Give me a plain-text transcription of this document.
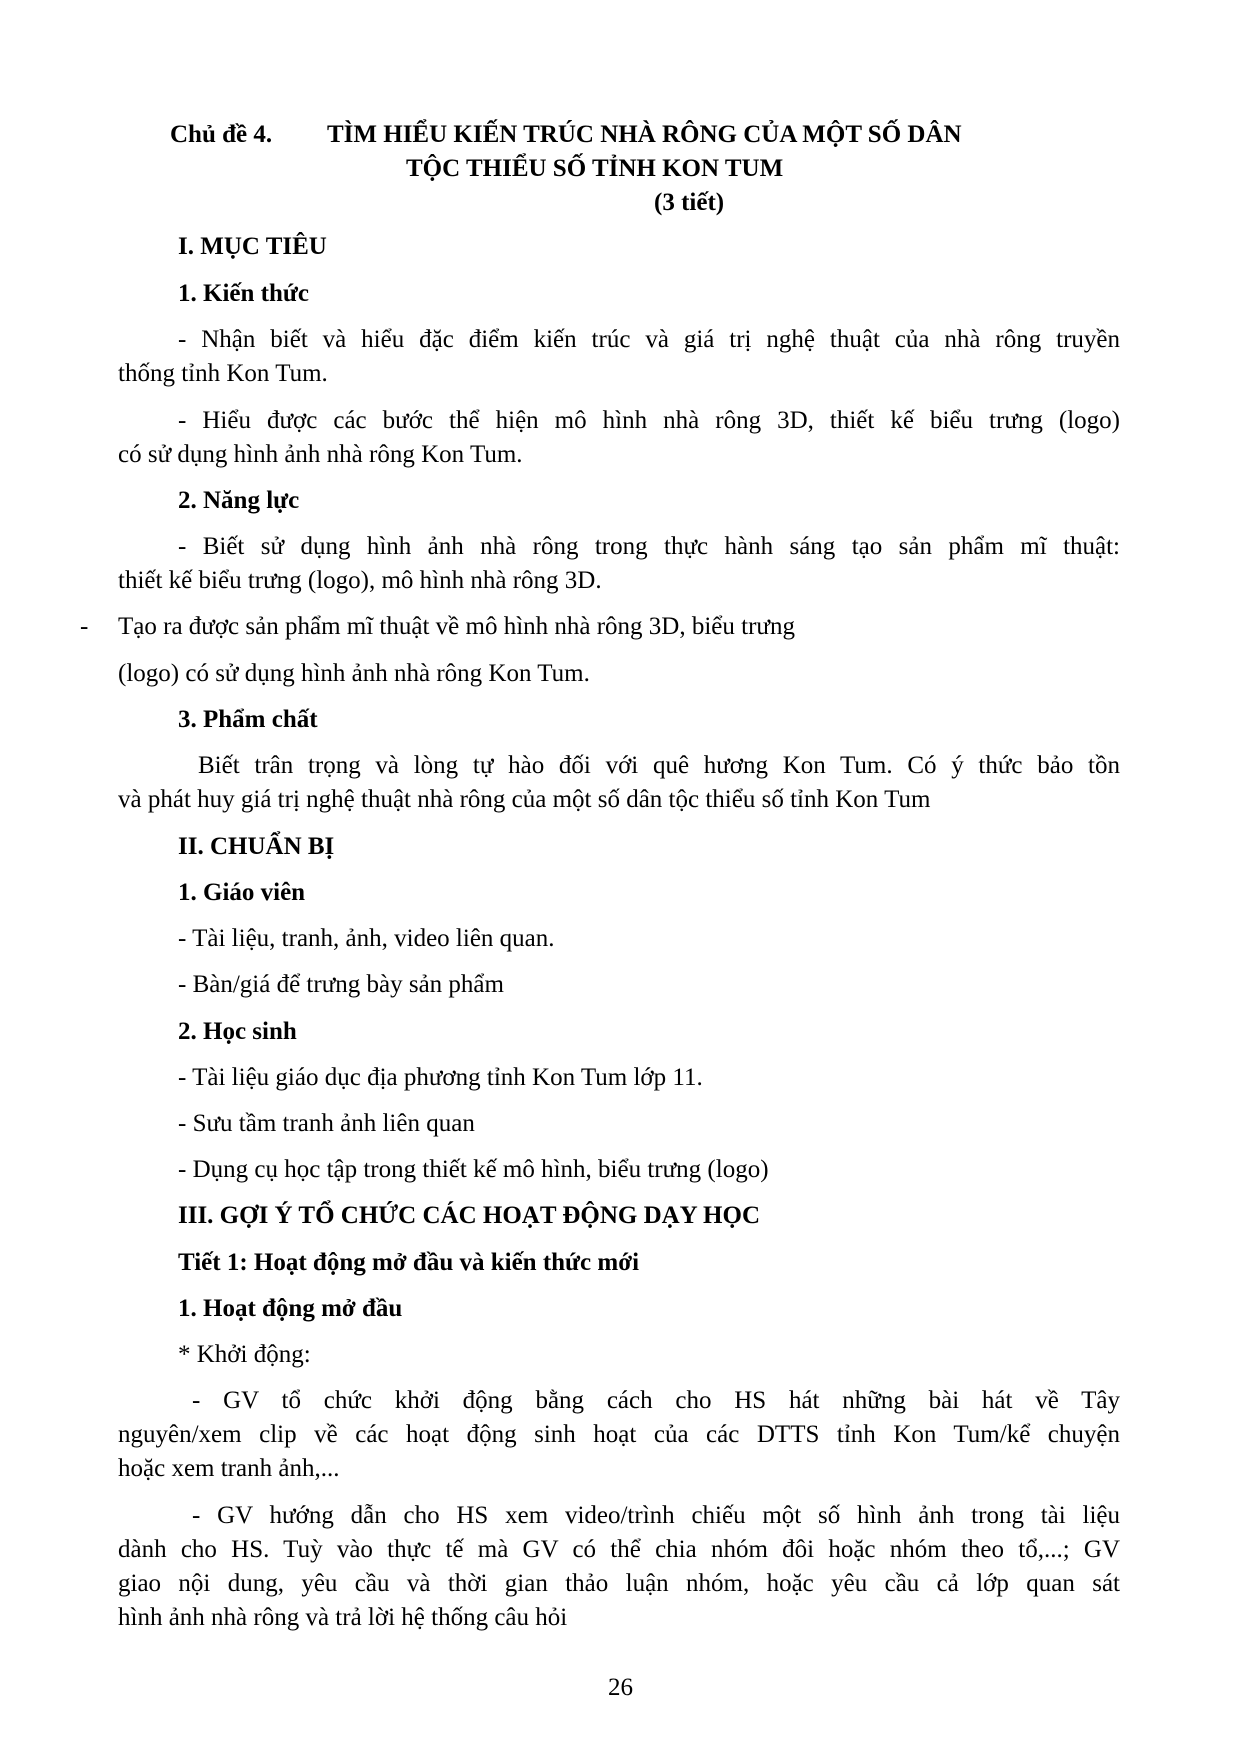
Chủ đề 4. TÌM HIỂU KIẾN TRÚC NHÀ RÔNG CỦA MỘT SỐ DÂN
TỘC THIỂU SỐ TỈNH KON TUM
(3 tiết)
I. MỤC TIÊU
1. Kiến thức
- Nhận biết và hiểu đặc điểm kiến trúc và giá trị nghệ thuật của nhà rông truyền
thống tỉnh Kon Tum.
- Hiểu được các bước thể hiện mô hình nhà rông 3D, thiết kế biểu trưng (logo)
có sử dụng hình ảnh nhà rông Kon Tum.
2. Năng lực
- Biết sử dụng hình ảnh nhà rông trong thực hành sáng tạo sản phẩm mĩ thuật:
thiết kế biểu trưng (logo), mô hình nhà rông 3D.
- Tạo ra được sản phẩm mĩ thuật về mô hình nhà rông 3D, biểu trưng
(logo) có sử dụng hình ảnh nhà rông Kon Tum.
3. Phẩm chất
Biết trân trọng và lòng tự hào đối với quê hương Kon Tum. Có ý thức bảo tồn
và phát huy giá trị nghệ thuật nhà rông của một số dân tộc thiểu số tỉnh Kon Tum
II. CHUẨN BỊ
1. Giáo viên
- Tài liệu, tranh, ảnh, video liên quan.
- Bàn/giá để trưng bày sản phẩm
2. Học sinh
- Tài liệu giáo dục địa phương tỉnh Kon Tum lớp 11.
- Sưu tầm tranh ảnh liên quan
- Dụng cụ học tập trong thiết kế mô hình, biểu trưng (logo)
III. GỢI Ý TỔ CHỨC CÁC HOẠT ĐỘNG DẠY HỌC
Tiết 1: Hoạt động mở đầu và kiến thức mới
1. Hoạt động mở đầu
* Khởi động:
- GV tổ chức khởi động bằng cách cho HS hát những bài hát về Tây
nguyên/xem clip về các hoạt động sinh hoạt của các DTTS tỉnh Kon Tum/kể chuyện
hoặc xem tranh ảnh,...
- GV hướng dẫn cho HS xem video/trình chiếu một số hình ảnh trong tài liệu
dành cho HS. Tuỳ vào thực tế mà GV có thể chia nhóm đôi hoặc nhóm theo tổ,...; GV
giao nội dung, yêu cầu và thời gian thảo luận nhóm, hoặc yêu cầu cả lớp quan sát
hình ảnh nhà rông và trả lời hệ thống câu hỏi
26
